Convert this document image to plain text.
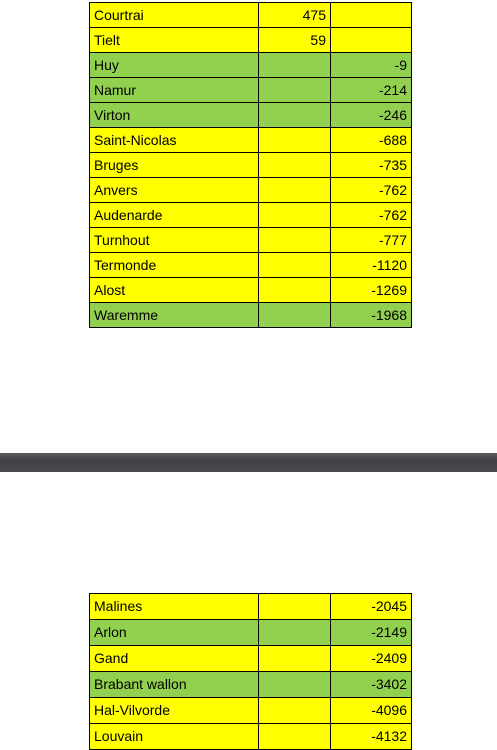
Courtrai	475	
Tielt	59	
Huy		-9
Namur		-214
Virton		-246
Saint-Nicolas		-688
Bruges		-735
Anvers		-762
Audenarde		-762
Turnhout		-777
Termonde		-1120
Alost		-1269
Waremme		-1968
Malines		-2045
Arlon		-2149
Gand		-2409
Brabant wallon		-3402
Hal-Vilvorde		-4096
Louvain		-4132
